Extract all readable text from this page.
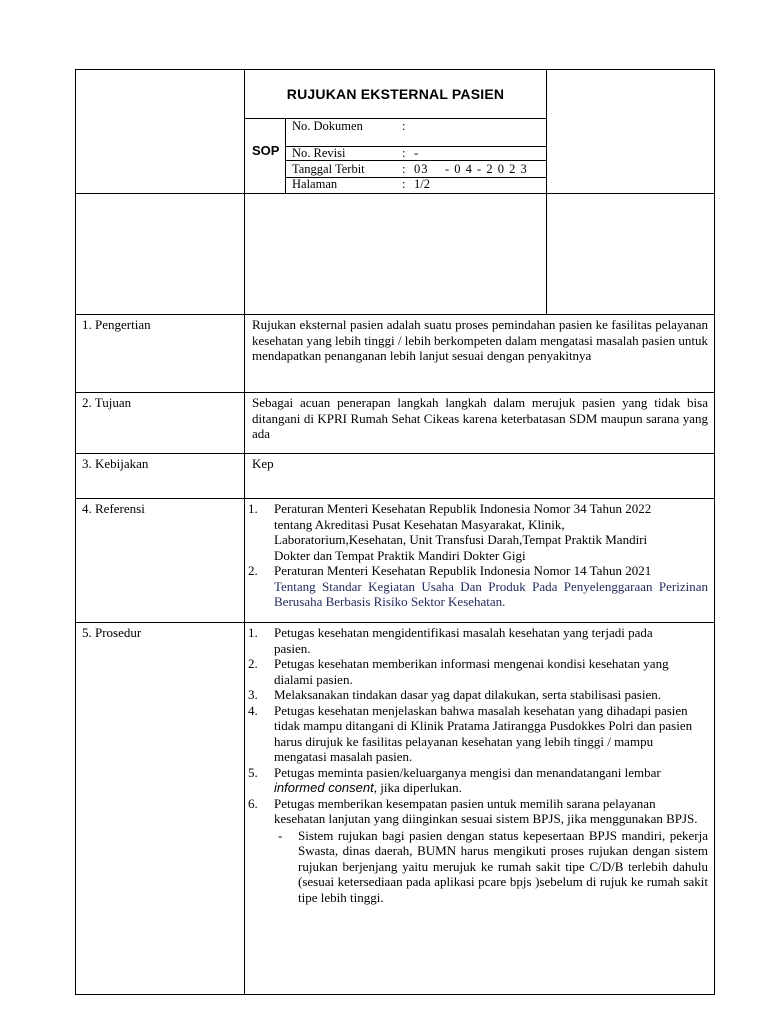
RUJUKAN EKSTERNAL PASIEN
SOP
No. Dokumen	:
No. Revisi	: -
Tanggal Terbit	: 03    - 0 4 - 2 0 2 3
Halaman	: 1/2
1. Pengertian	Rujukan eksternal pasien adalah suatu proses pemindahan pasien ke fasilitas pelayanan kesehatan yang lebih tinggi / lebih berkompeten dalam mengatasi masalah pasien untuk mendapatkan penanganan lebih lanjut sesuai dengan penyakitnya
2. Tujuan	Sebagai acuan penerapan langkah langkah dalam merujuk pasien yang tidak bisa ditangani di KPRI Rumah Sehat Cikeas karena keterbatasan SDM maupun sarana yang ada
3. Kebijakan	Kep
4. Referensi	1. Peraturan Menteri Kesehatan Republik Indonesia Nomor 34 Tahun 2022 tentang Akreditasi Pusat Kesehatan Masyarakat, Klinik, Laboratorium,Kesehatan, Unit Transfusi Darah,Tempat Praktik Mandiri Dokter dan Tempat Praktik Mandiri Dokter Gigi
2. Peraturan Menteri Kesehatan Republik Indonesia Nomor 14 Tahun 2021
Tentang Standar Kegiatan Usaha Dan Produk Pada Penyelenggaraan Perizinan Berusaha Berbasis Risiko Sektor Kesehatan.
5. Prosedur	1. Petugas kesehatan mengidentifikasi masalah kesehatan yang terjadi pada pasien.
2. Petugas kesehatan memberikan informasi mengenai kondisi kesehatan yang dialami pasien.
3. Melaksanakan tindakan dasar yag dapat dilakukan, serta stabilisasi pasien.
4. Petugas kesehatan menjelaskan bahwa masalah kesehatan yang dihadapi pasien tidak mampu ditangani di Klinik Pratama Jatirangga Pusdokkes Polri dan pasien harus dirujuk ke fasilitas pelayanan kesehatan yang lebih tinggi / mampu mengatasi masalah pasien.
5. Petugas meminta pasien/keluarganya mengisi dan menandatangani lembar informed consent, jika diperlukan.
6. Petugas memberikan kesempatan pasien untuk memilih sarana pelayanan kesehatan lanjutan yang diinginkan sesuai sistem BPJS, jika menggunakan BPJS.
- Sistem rujukan bagi pasien dengan status kepesertaan BPJS mandiri, pekerja Swasta, dinas daerah, BUMN harus mengikuti proses rujukan dengan sistem rujukan berjenjang yaitu merujuk ke rumah sakit tipe C/D/B terlebih dahulu (sesuai ketersediaan pada aplikasi pcare bpjs )sebelum di rujuk ke rumah sakit tipe lebih tinggi.
